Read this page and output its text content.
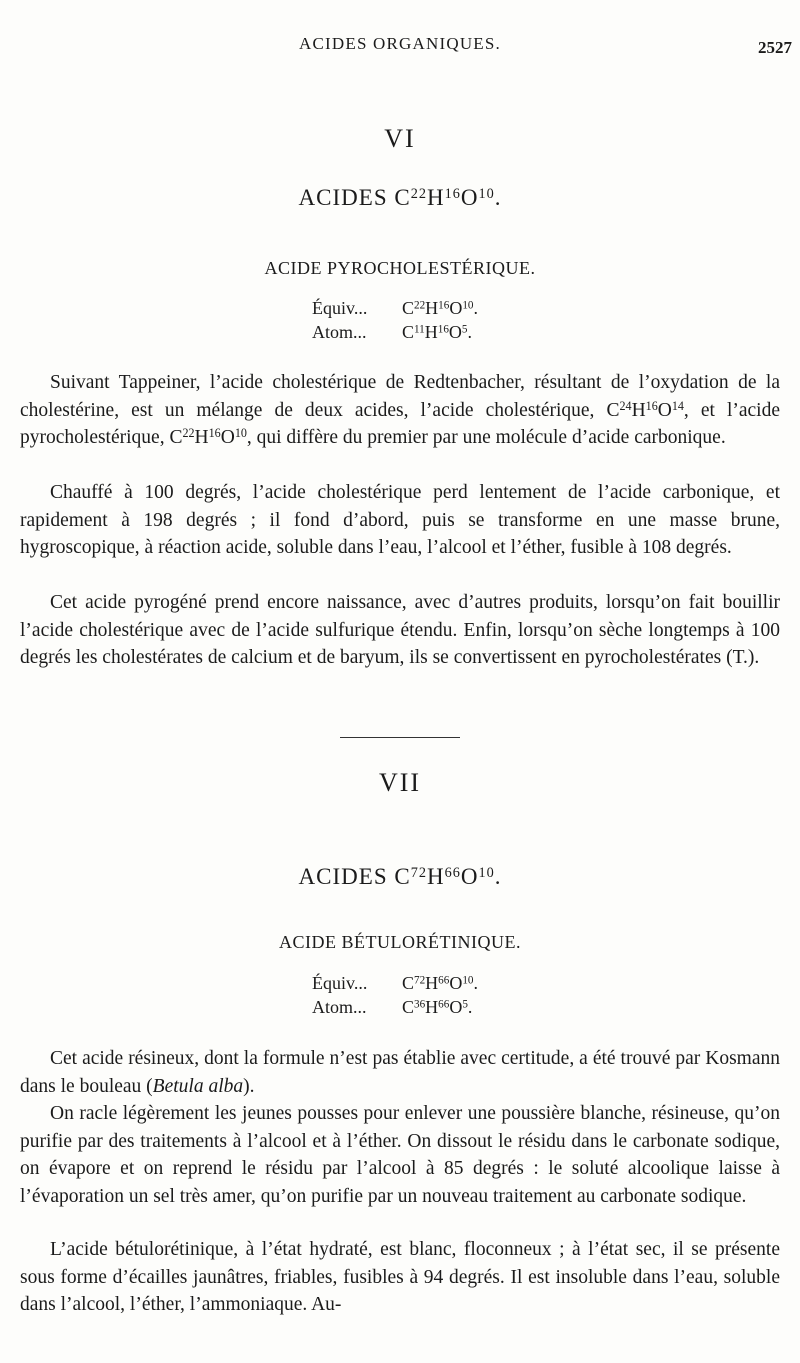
ACIDES ORGANIQUES.	2527
VI
ACIDES $C^{22}H^{16}O^{10}$.
ACIDE PYROCHOLESTÉRIQUE.
Équiv...	$C^{22}H^{16}O^{10}$.
Atom...	$C^{11}H^{16}O^5$.

Suivant Tappeiner, l’acide cholestérique de Redtenbacher, résultant de l’oxydation de la cholestérine, est un mélange de deux acides, l’acide cholestérique, $C^{24}H^{16}O^{14}$, et l’acide pyrocholestérique, $C^{22}H^{16}O^{10}$, qui diffère du premier par une molécule d’acide carbonique.

Chauffé à 100 degrés, l’acide cholestérique perd lentement de l’acide carbonique, et rapidement à 198 degrés ; il fond d’abord, puis se transforme en une masse brune, hygroscopique, à réaction acide, soluble dans l’eau, l’alcool et l’éther, fusible à 108 degrés.

Cet acide pyrogéné prend encore naissance, avec d’autres produits, lorsqu’on fait bouillir l’acide cholestérique avec de l’acide sulfurique étendu. Enfin, lorsqu’on sèche longtemps à 100 degrés les cholestérates de calcium et de baryum, ils se convertissent en pyrocholestérates (T.).

VII
ACIDES $C^{72}H^{66}O^{10}$.
ACIDE BÉTULORÉTINIQUE.
Équiv...	$C^{72}H^{66}O^{10}$.
Atom...	$C^{36}H^{66}O^5$.

Cet acide résineux, dont la formule n’est pas établie avec certitude, a été trouvé par Kosmann dans le bouleau (Betula alba).

On racle légèrement les jeunes pousses pour enlever une poussière blanche, résineuse, qu’on purifie par des traitements à l’alcool et à l’éther. On dissout le résidu dans le carbonate sodique, on évapore et on reprend le résidu par l’alcool à 85 degrés : le soluté alcoolique laisse à l’évaporation un sel très amer, qu’on purifie par un nouveau traitement au carbonate sodique.

L’acide bétulorétinique, à l’état hydraté, est blanc, floconneux ; à l’état sec, il se présente sous forme d’écailles jaunâtres, friables, fusibles à 94 degrés. Il est insoluble dans l’eau, soluble dans l’alcool, l’éther, l’ammoniaque. Au-
